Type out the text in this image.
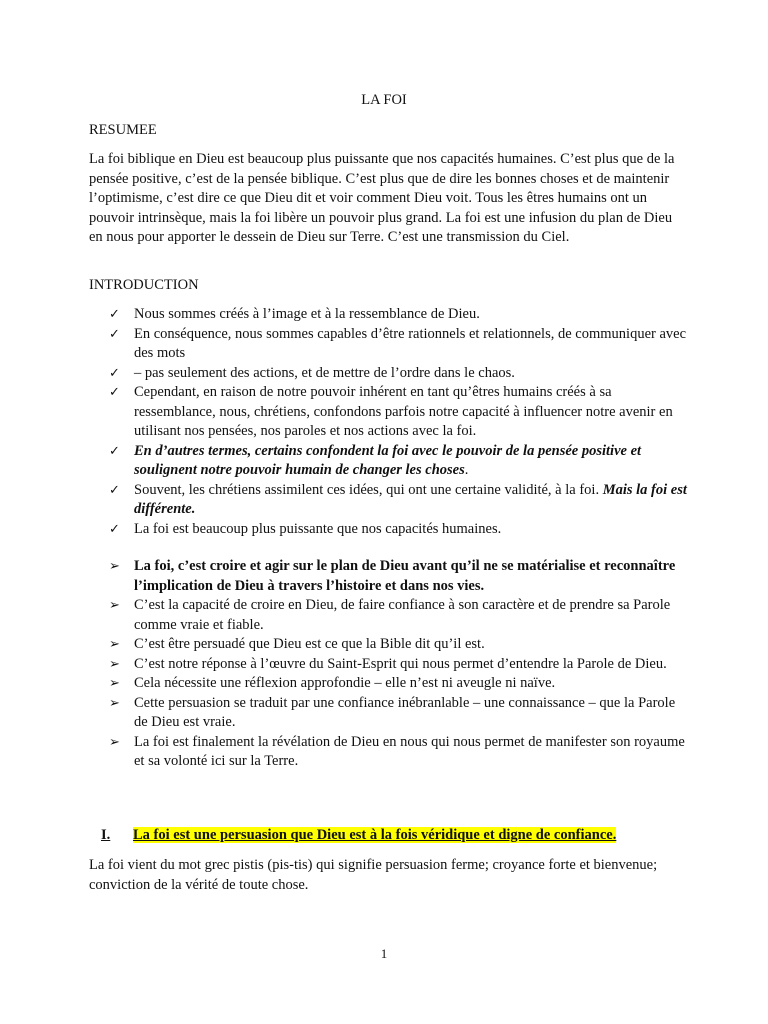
LA FOI
RESUMEE
La foi biblique en Dieu est beaucoup plus puissante que nos capacités humaines. C’est plus que de la pensée positive, c’est de la pensée biblique. C’est plus que de dire les bonnes choses et de maintenir l’optimisme, c’est dire ce que Dieu dit et voir comment Dieu voit. Tous les êtres humains ont un pouvoir intrinsèque, mais la foi libère un pouvoir plus grand. La foi est une infusion du plan de Dieu en nous pour apporter le dessein de Dieu sur Terre. C’est une transmission du Ciel.
INTRODUCTION
✓ Nous sommes créés à l’image et à la ressemblance de Dieu.
✓ En conséquence, nous sommes capables d’être rationnels et relationnels, de communiquer avec des mots
✓ – pas seulement des actions, et de mettre de l’ordre dans le chaos.
✓ Cependant, en raison de notre pouvoir inhérent en tant qu’êtres humains créés à sa ressemblance, nous, chrétiens, confondons parfois notre capacité à influencer notre avenir en utilisant nos pensées, nos paroles et nos actions avec la foi.
✓ En d’autres termes, certains confondent la foi avec le pouvoir de la pensée positive et soulignent notre pouvoir humain de changer les choses.
✓ Souvent, les chrétiens assimilent ces idées, qui ont une certaine validité, à la foi. Mais la foi est différente.
✓ La foi est beaucoup plus puissante que nos capacités humaines.
➢ La foi, c’est croire et agir sur le plan de Dieu avant qu’il ne se matérialise et reconnaître l’implication de Dieu à travers l’histoire et dans nos vies.
➢ C’est la capacité de croire en Dieu, de faire confiance à son caractère et de prendre sa Parole comme vraie et fiable.
➢ C’est être persuadé que Dieu est ce que la Bible dit qu’il est.
➢ C’est notre réponse à l’œuvre du Saint-Esprit qui nous permet d’entendre la Parole de Dieu.
➢ Cela nécessite une réflexion approfondie – elle n’est ni aveugle ni naïve.
➢ Cette persuasion se traduit par une confiance inébranlable – une connaissance – que la Parole de Dieu est vraie.
➢ La foi est finalement la révélation de Dieu en nous qui nous permet de manifester son royaume et sa volonté ici sur la Terre.
I. La foi est une persuasion que Dieu est à la fois véridique et digne de confiance.
La foi vient du mot grec pistis (pis-tis) qui signifie persuasion ferme; croyance forte et bienvenue; conviction de la vérité de toute chose.
1
